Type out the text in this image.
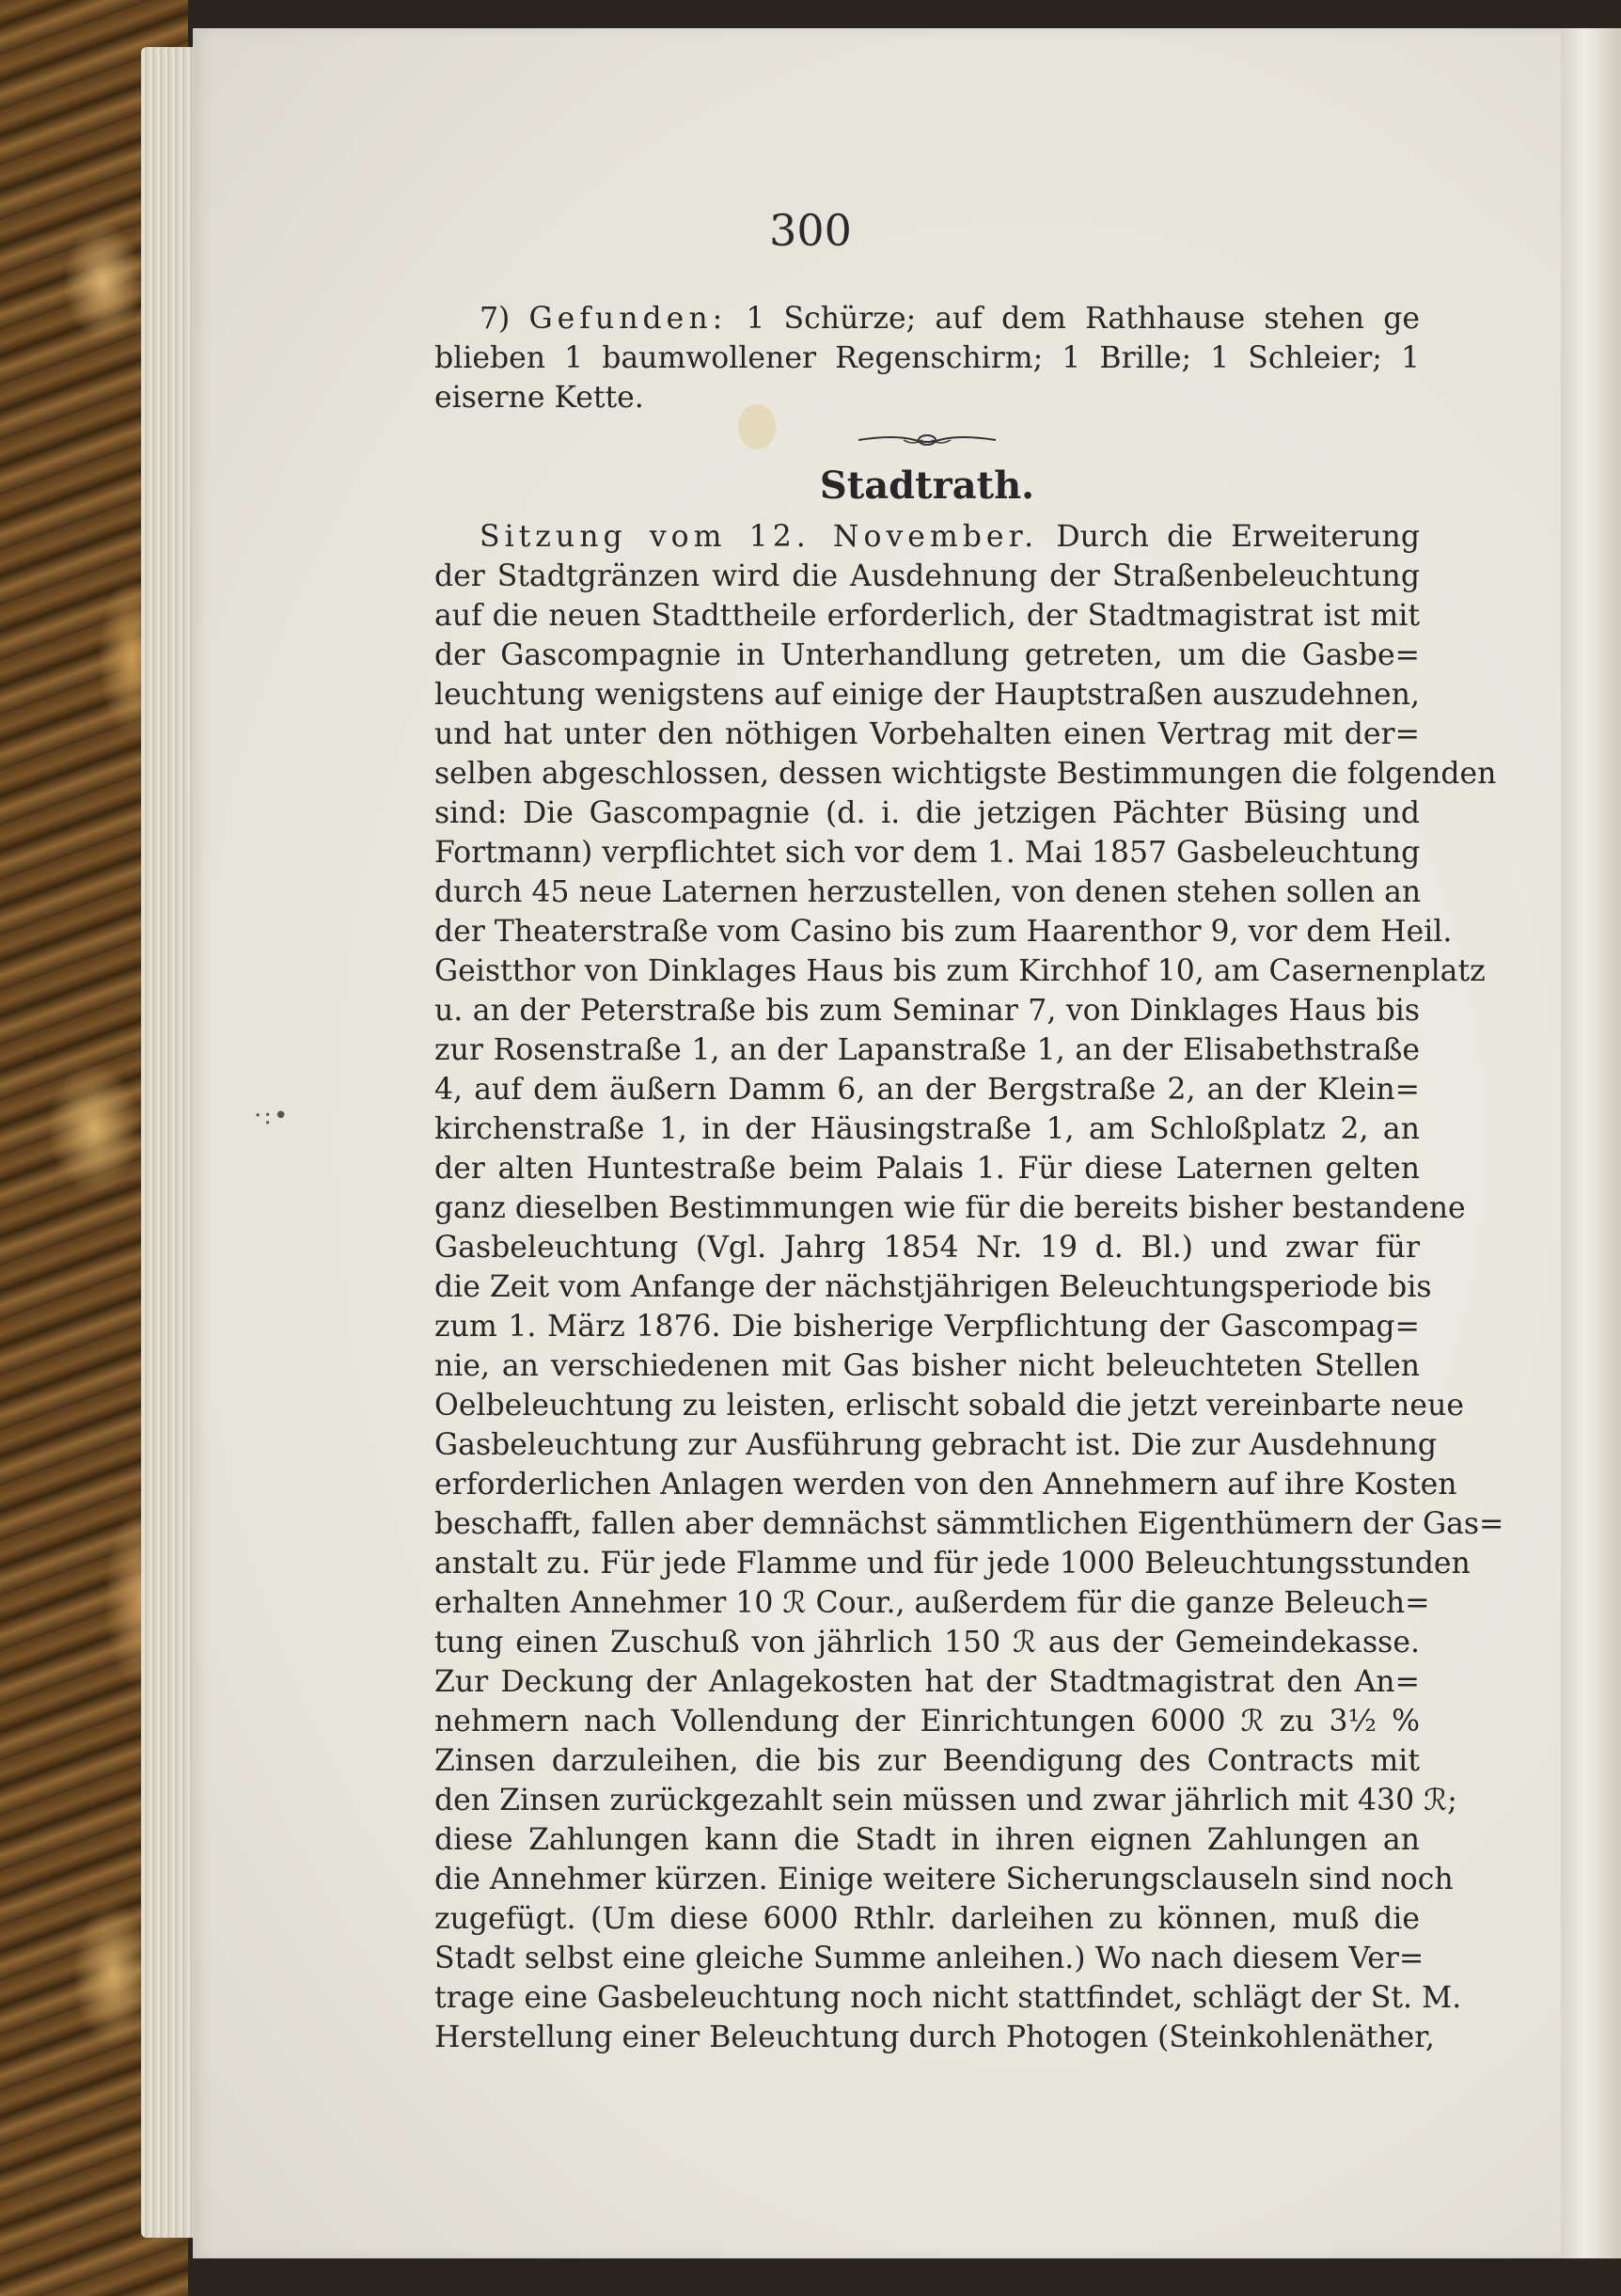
·:•
300
7) Gefunden: 1 Schürze; auf dem Rathhause stehen ge
blieben 1 baumwollener Regenschirm; 1 Brille; 1 Schleier; 1
eiserne Kette.
Stadtrath.
Sitzung vom 12. November. Durch die Erweiterung
der Stadtgränzen wird die Ausdehnung der Straßenbeleuchtung
auf die neuen Stadttheile erforderlich, der Stadtmagistrat ist mit
der Gascompagnie in Unterhandlung getreten, um die Gasbe=
leuchtung wenigstens auf einige der Hauptstraßen auszudehnen,
und hat unter den nöthigen Vorbehalten einen Vertrag mit der=
selben abgeschlossen, dessen wichtigste Bestimmungen die folgenden
sind: Die Gascompagnie (d. i. die jetzigen Pächter Büsing und
Fortmann) verpflichtet sich vor dem 1. Mai 1857 Gasbeleuchtung
durch 45 neue Laternen herzustellen, von denen stehen sollen an
der Theaterstraße vom Casino bis zum Haarenthor 9, vor dem Heil.
Geistthor von Dinklages Haus bis zum Kirchhof 10, am Casernenplatz
u. an der Peterstraße bis zum Seminar 7, von Dinklages Haus bis
zur Rosenstraße 1, an der Lapanstraße 1, an der Elisabethstraße
4, auf dem äußern Damm 6, an der Bergstraße 2, an der Klein=
kirchenstraße 1, in der Häusingstraße 1, am Schloßplatz 2, an
der alten Huntestraße beim Palais 1. Für diese Laternen gelten
ganz dieselben Bestimmungen wie für die bereits bisher bestandene
Gasbeleuchtung (Vgl. Jahrg 1854 Nr. 19 d. Bl.) und zwar für
die Zeit vom Anfange der nächstjährigen Beleuchtungsperiode bis
zum 1. März 1876. Die bisherige Verpflichtung der Gascompag=
nie, an verschiedenen mit Gas bisher nicht beleuchteten Stellen
Oelbeleuchtung zu leisten, erlischt sobald die jetzt vereinbarte neue
Gasbeleuchtung zur Ausführung gebracht ist. Die zur Ausdehnung
erforderlichen Anlagen werden von den Annehmern auf ihre Kosten
beschafft, fallen aber demnächst sämmtlichen Eigenthümern der Gas=
anstalt zu. Für jede Flamme und für jede 1000 Beleuchtungsstunden
erhalten Annehmer 10 ℛ Cour., außerdem für die ganze Beleuch=
tung einen Zuschuß von jährlich 150 ℛ aus der Gemeindekasse.
Zur Deckung der Anlagekosten hat der Stadtmagistrat den An=
nehmern nach Vollendung der Einrichtungen 6000 ℛ zu 3½ %
Zinsen darzuleihen, die bis zur Beendigung des Contracts mit
den Zinsen zurückgezahlt sein müssen und zwar jährlich mit 430 ℛ;
diese Zahlungen kann die Stadt in ihren eignen Zahlungen an
die Annehmer kürzen. Einige weitere Sicherungsclauseln sind noch
zugefügt. (Um diese 6000 Rthlr. darleihen zu können, muß die
Stadt selbst eine gleiche Summe anleihen.) Wo nach diesem Ver=
trage eine Gasbeleuchtung noch nicht stattfindet, schlägt der St. M.
Herstellung einer Beleuchtung durch Photogen (Steinkohlenäther,
